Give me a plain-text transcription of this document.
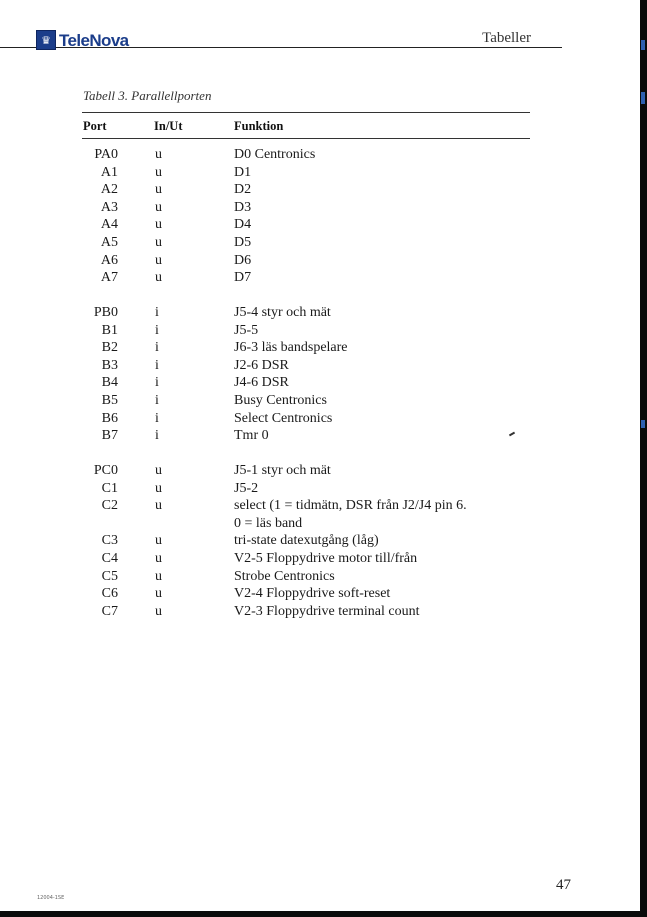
♛ TeleNova	Tabeller
Tabell 3. Parallellporten
Port	In/Ut	Funktion
PA0	u	D0 Centronics
A1	u	D1
A2	u	D2
A3	u	D3
A4	u	D4
A5	u	D5
A6	u	D6
A7	u	D7
PB0	i	J5-4 styr och mät
B1	i	J5-5
B2	i	J6-3 läs bandspelare
B3	i	J2-6 DSR
B4	i	J4-6 DSR
B5	i	Busy Centronics
B6	i	Select Centronics
B7	i	Tmr 0
PC0	u	J5-1 styr och mät
C1	u	J5-2
C2	u	select (1 = tidmätn, DSR från J2/J4 pin 6.
0 = läs band
C3	u	tri-state datexutgång (låg)
C4	u	V2-5 Floppydrive motor till/från
C5	u	Strobe Centronics
C6	u	V2-4 Floppydrive soft-reset
C7	u	V2-3 Floppydrive terminal count
47
12004-1SE
